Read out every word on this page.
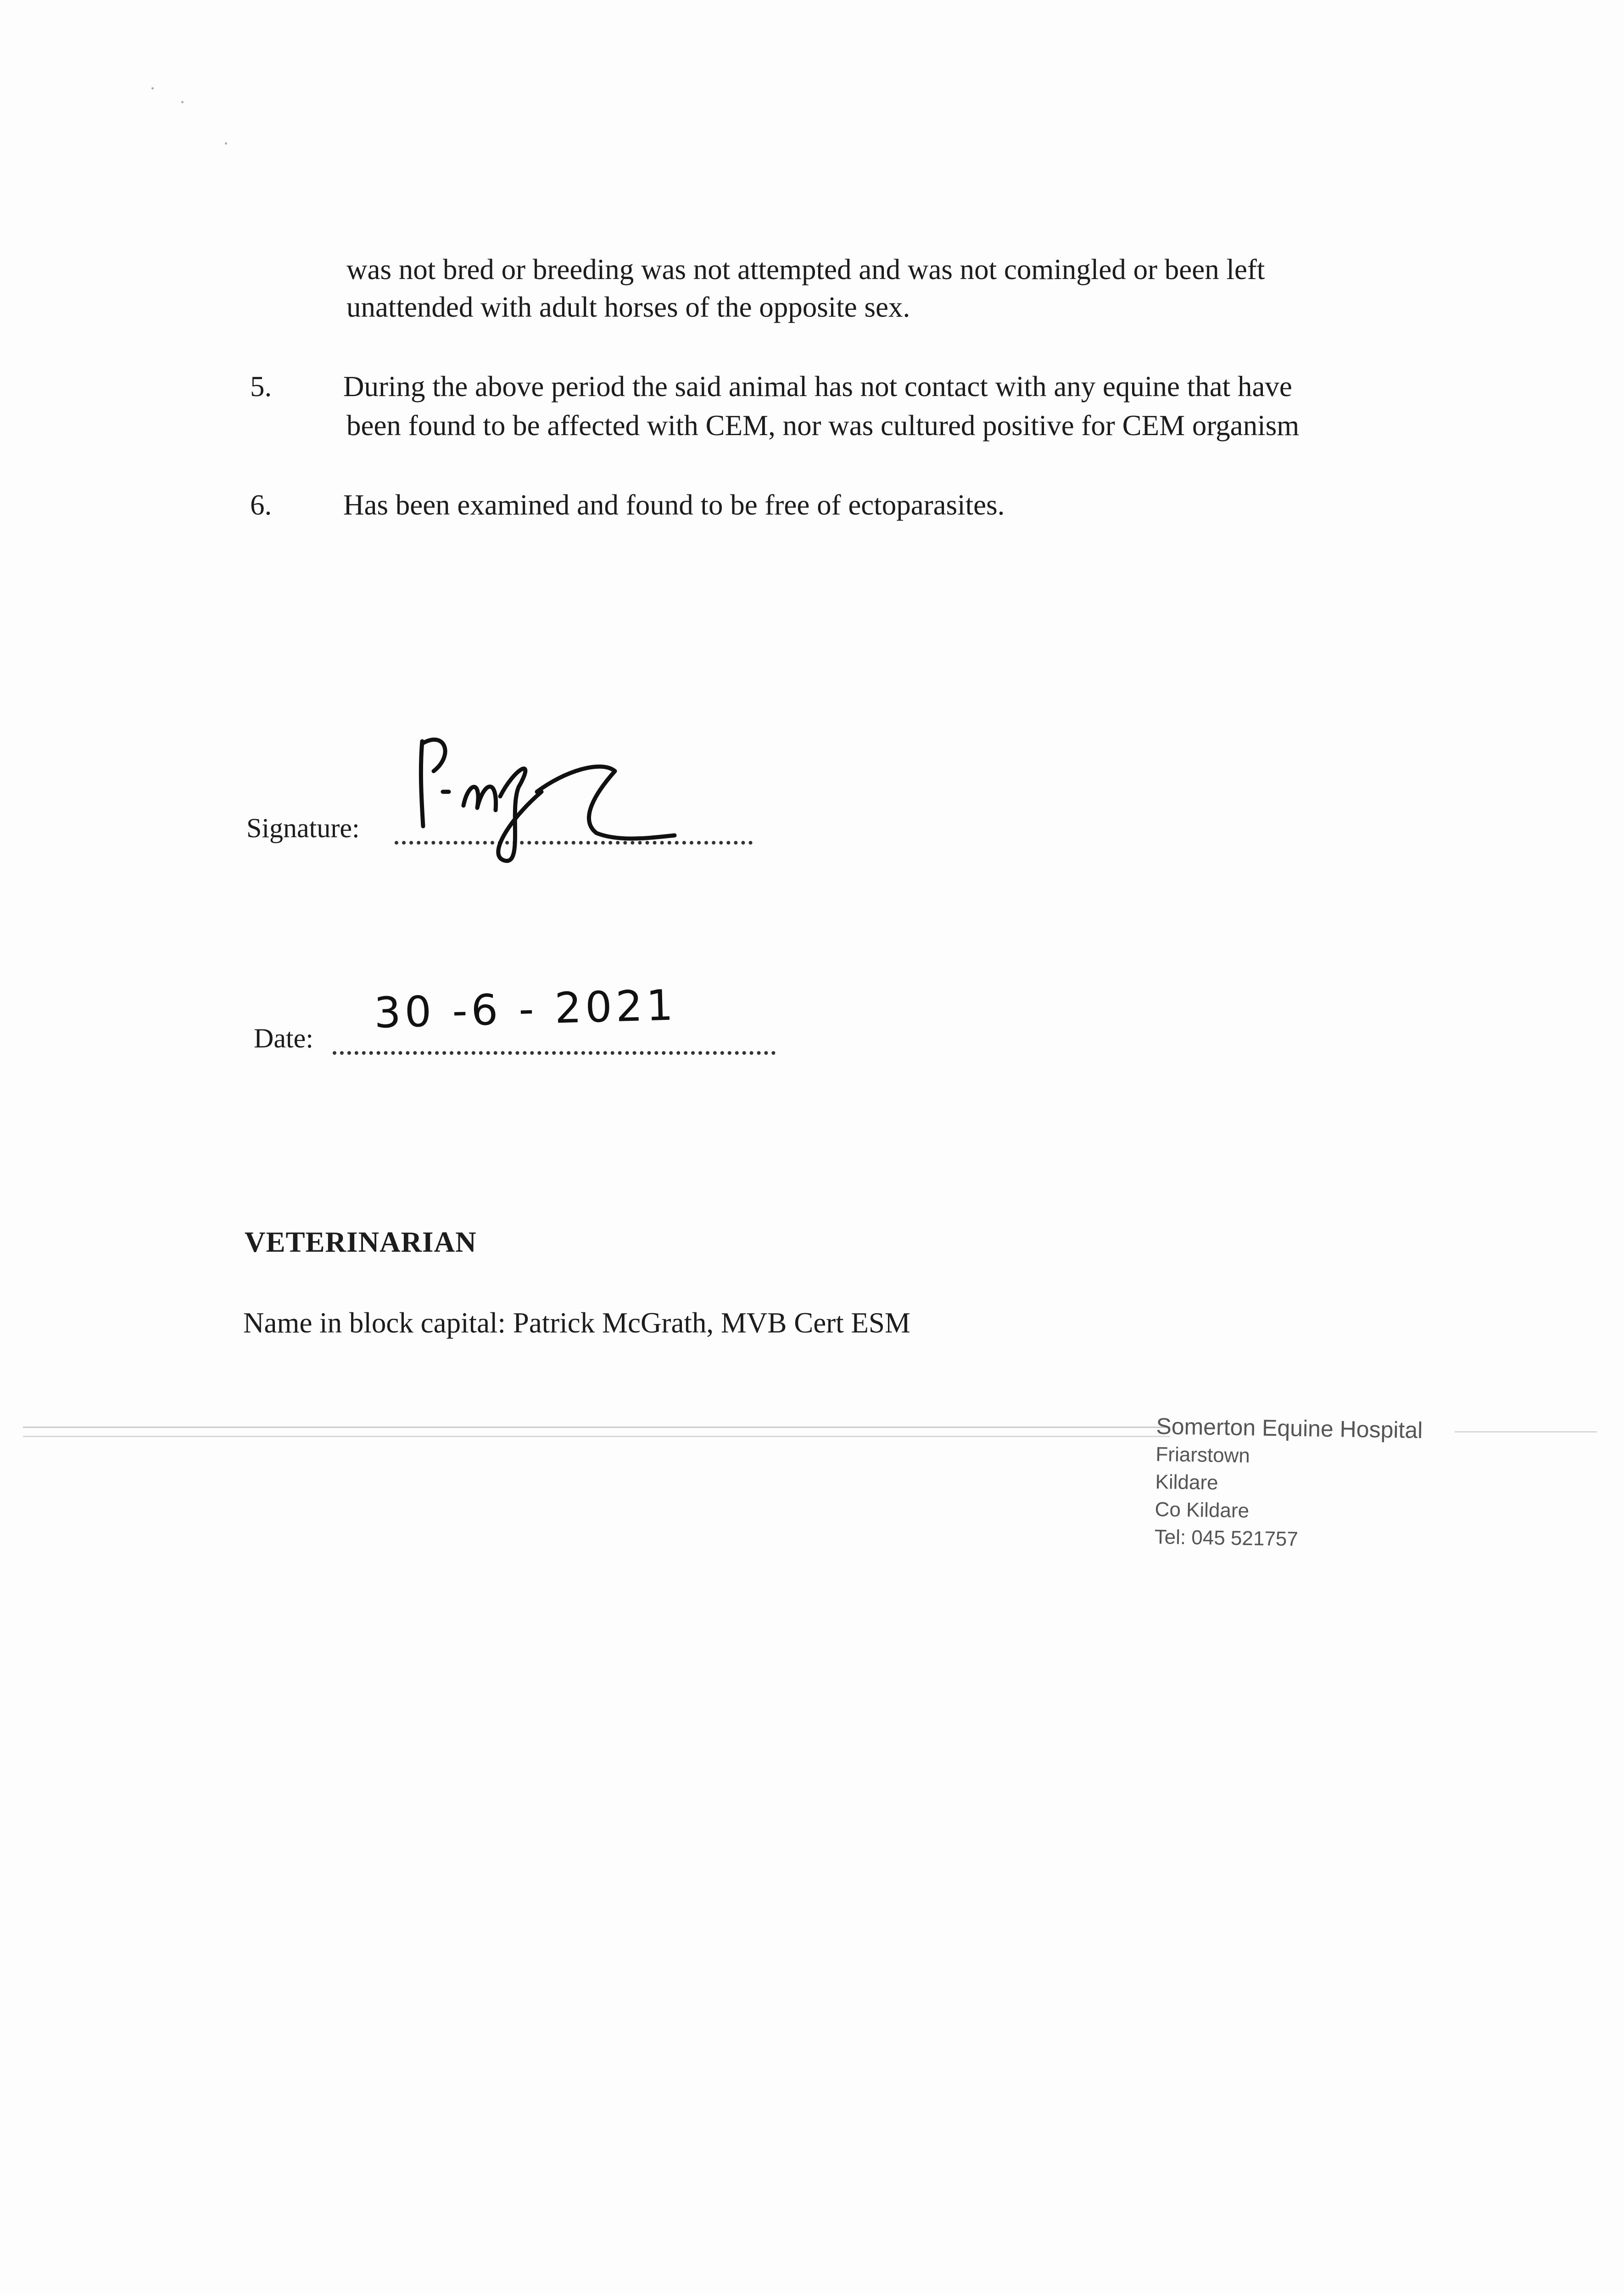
was not bred or breeding was not attempted and was not comingled or been left
unattended with adult horses of the opposite sex.
5. During the above period the said animal has not contact with any equine that have
been found to be affected with CEM, nor was cultured positive for CEM organism
6. Has been examined and found to be free of ectoparasites.
Signature:
Date:
30 -6 - 2021
VETERINARIAN
Name in block capital: Patrick McGrath, MVB Cert ESM
Somerton Equine Hospital
Friarstown
Kildare
Co Kildare
Tel: 045 521757
